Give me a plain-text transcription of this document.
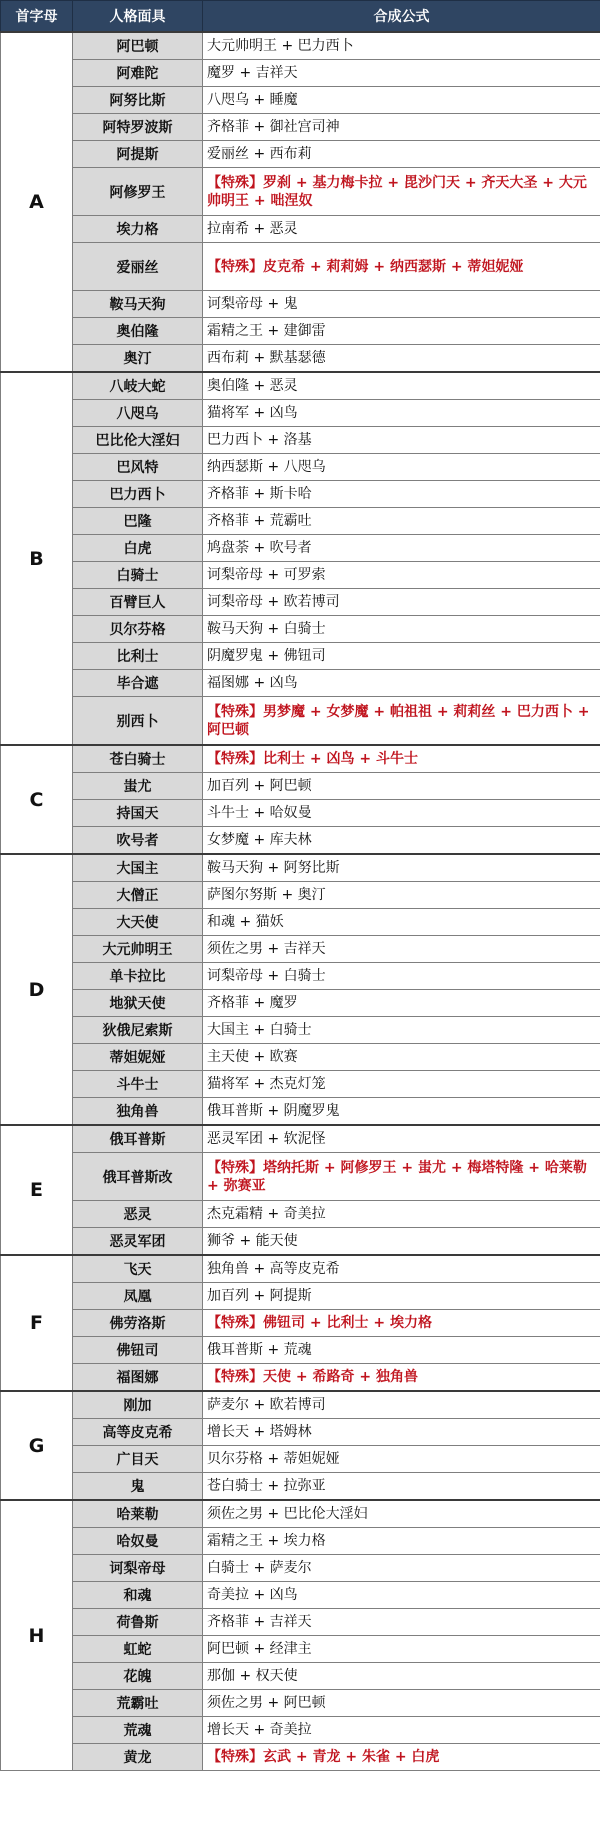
首字母	人格面具	合成公式
A	阿巴顿	大元帅明王 + 巴力西卜
	阿难陀	魔罗 + 吉祥天
	阿努比斯	八咫乌 + 睡魔
	阿特罗波斯	齐格菲 + 御社宫司神
	阿提斯	爱丽丝 + 西布莉
	阿修罗王	【特殊】罗刹 + 基力梅卡拉 + 毘沙门天 + 齐天大圣 + 大元帅明王 + 咄涅奴
	埃力格	拉南希 + 恶灵
	爱丽丝	【特殊】皮克希 + 莉莉姆 + 纳西瑟斯 + 蒂妲妮娅
	鞍马天狗	诃梨帝母 + 鬼
	奥伯隆	霜精之王 + 建御雷
	奥汀	西布莉 + 默基瑟德
B	八岐大蛇	奥伯隆 + 恶灵
	八咫乌	猫将军 + 凶鸟
	巴比伦大淫妇	巴力西卜 + 洛基
	巴风特	纳西瑟斯 + 八咫乌
	巴力西卜	齐格菲 + 斯卡哈
	巴隆	齐格菲 + 荒霸吐
	白虎	鸠盘荼 + 吹号者
	白骑士	诃梨帝母 + 可罗索
	百臂巨人	诃梨帝母 + 欧若博司
	贝尔芬格	鞍马天狗 + 白骑士
	比利士	阴魔罗鬼 + 佛钮司
	毕合遮	福图娜 + 凶鸟
	别西卜	【特殊】男梦魔 + 女梦魔 + 帕祖祖 + 莉莉丝 + 巴力西卜 + 阿巴顿
C	苍白骑士	【特殊】比利士 + 凶鸟 + 斗牛士
	蚩尤	加百列 + 阿巴顿
	持国天	斗牛士 + 哈奴曼
	吹号者	女梦魔 + 库夫林
D	大国主	鞍马天狗 + 阿努比斯
	大僧正	萨图尔努斯 + 奥汀
	大天使	和魂 + 猫妖
	大元帅明王	须佐之男 + 吉祥天
	单卡拉比	诃梨帝母 + 白骑士
	地狱天使	齐格菲 + 魔罗
	狄俄尼索斯	大国主 + 白骑士
	蒂妲妮娅	主天使 + 欧赛
	斗牛士	猫将军 + 杰克灯笼
	独角兽	俄耳普斯 + 阴魔罗鬼
E	俄耳普斯	恶灵军团 + 软泥怪
	俄耳普斯改	【特殊】塔纳托斯 + 阿修罗王 + 蚩尤 + 梅塔特隆 + 哈莱勒 + 弥赛亚
	恶灵	杰克霜精 + 奇美拉
	恶灵军团	狮爷 + 能天使
F	飞天	独角兽 + 高等皮克希
	凤凰	加百列 + 阿提斯
	佛劳洛斯	【特殊】佛钮司 + 比利士 + 埃力格
	佛钮司	俄耳普斯 + 荒魂
	福图娜	【特殊】天使 + 希路奇 + 独角兽
G	刚加	萨麦尔 + 欧若博司
	高等皮克希	增长天 + 塔姆林
	广目天	贝尔芬格 + 蒂妲妮娅
	鬼	苍白骑士 + 拉弥亚
H	哈莱勒	须佐之男 + 巴比伦大淫妇
	哈奴曼	霜精之王 + 埃力格
	诃梨帝母	白骑士 + 萨麦尔
	和魂	奇美拉 + 凶鸟
	荷鲁斯	齐格菲 + 吉祥天
	虹蛇	阿巴顿 + 经津主
	花魄	那伽 + 权天使
	荒霸吐	须佐之男 + 阿巴顿
	荒魂	增长天 + 奇美拉
	黄龙	【特殊】玄武 + 青龙 + 朱雀 + 白虎
